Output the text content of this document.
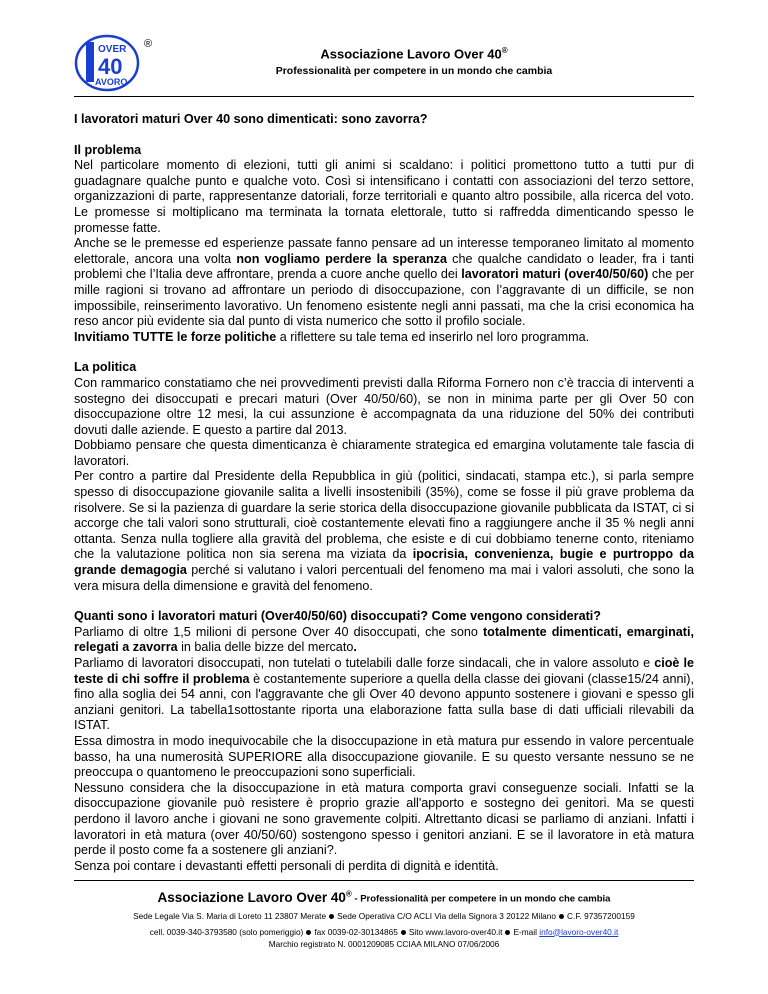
OVER
40
AVORO
®
Associazione Lavoro Over 40®
Professionalità per competere in un mondo che cambia

I lavoratori maturi Over 40 sono dimenticati: sono zavorra?

Il problema

Nel particolare momento di elezioni, tutti gli animi si scaldano: i politici promettono tutto a tutti pur di guadagnare qualche punto e qualche voto. Così si intensificano i contatti con associazioni del terzo settore, organizzazioni di parte, rappresentanze datoriali, forze territoriali e quanto altro possibile, alla ricerca del voto. Le promesse si moltiplicano ma terminata la tornata elettorale, tutto si raffredda dimenticando spesso le promesse fatte.

Anche se le premesse ed esperienze passate fanno pensare ad un interesse temporaneo limitato al momento elettorale, ancora una volta non vogliamo perdere la speranza che qualche candidato o leader, fra i tanti problemi che l’Italia deve affrontare, prenda a cuore anche quello dei lavoratori maturi (over40/50/60) che per mille ragioni si trovano ad affrontare un periodo di disoccupazione, con l’aggravante di un difficile, se non impossibile, reinserimento lavorativo. Un fenomeno esistente negli anni passati, ma che la crisi economica ha reso ancor più evidente sia dal punto di vista numerico che sotto il profilo sociale.

Invitiamo TUTTE le forze politiche a riflettere su tale tema ed inserirlo nel loro programma.

La politica

Con rammarico constatiamo che nei provvedimenti previsti dalla Riforma Fornero non c’è traccia di interventi a sostegno dei disoccupati e precari maturi (Over 40/50/60), se non in minima parte per gli Over 50 con disoccupazione oltre 12 mesi, la cui assunzione è accompagnata da una riduzione del 50% dei contributi dovuti dalle aziende. E questo a partire dal 2013.

Dobbiamo pensare che questa dimenticanza è chiaramente strategica ed emargina volutamente tale fascia di lavoratori.

Per contro a partire dal Presidente della Repubblica in giù (politici, sindacati, stampa etc.), si parla sempre spesso di disoccupazione giovanile salita a livelli insostenibili (35%), come se fosse il più grave problema da risolvere. Se si la pazienza di guardare la serie storica della disoccupazione giovanile pubblicata da ISTAT, ci si accorge che tali valori sono strutturali, cioè costantemente elevati fino a raggiungere anche il 35 % negli anni ottanta. Senza nulla togliere alla gravità del problema, che esiste e di cui dobbiamo tenerne conto, riteniamo che la valutazione politica non sia serena ma viziata da ipocrisia, convenienza, bugie e purtroppo da grande demagogia perché si valutano i valori percentuali del fenomeno ma mai i valori assoluti, che sono la vera misura della dimensione e gravità del fenomeno.

Quanti sono i lavoratori maturi (Over40/50/60) disoccupati? Come vengono considerati?

Parliamo di oltre 1,5 milioni di persone Over 40 disoccupati, che sono totalmente dimenticati, emarginati, relegati a zavorra in balia delle bizze del mercato.

Parliamo di lavoratori disoccupati, non tutelati o tutelabili dalle forze sindacali, che in valore assoluto e cioè le teste di chi soffre il problema è costantemente superiore a quella della classe dei giovani (classe15/24 anni), fino alla soglia dei 54 anni, con l'aggravante che gli Over 40 devono appunto sostenere i giovani e spesso gli anziani genitori. La tabella1sottostante riporta una elaborazione fatta sulla base di dati ufficiali rilevabili da ISTAT.

Essa dimostra in modo inequivocabile che la disoccupazione in età matura pur essendo in valore percentuale basso, ha una numerosità SUPERIORE alla disoccupazione giovanile. E su questo versante nessuno se ne preoccupa o quantomeno le preoccupazioni sono superficiali.

Nessuno considera che la disoccupazione in età matura comporta gravi conseguenze sociali. Infatti se la disoccupazione giovanile può resistere è proprio grazie all'apporto e sostegno dei genitori. Ma se questi perdono il lavoro anche i giovani ne sono gravemente colpiti. Altrettanto dicasi se parliamo di anziani. Infatti i lavoratori in età matura (over 40/50/60) sostengono spesso i genitori anziani. E se il lavoratore in età matura perde il posto come fa a sostenere gli anziani?.

Senza poi contare i devastanti effetti personali di perdita di dignità e identità.

Associazione Lavoro Over 40® - Professionalità per competere in un mondo che cambia
Sede Legale Via S. Maria di Loreto 11 23807 Merate Sede Operativa C/O ACLI Via della Signora 3 20122 Milano C.F. 97357200159
cell. 0039-340-3793580 (solo pomeriggio) fax 0039-02-30134865 Sito www.lavoro-over40.it E-mail info@lavoro-over40.it
Marchio registrato N. 0001209085 CCIAA MILANO 07/06/2006
